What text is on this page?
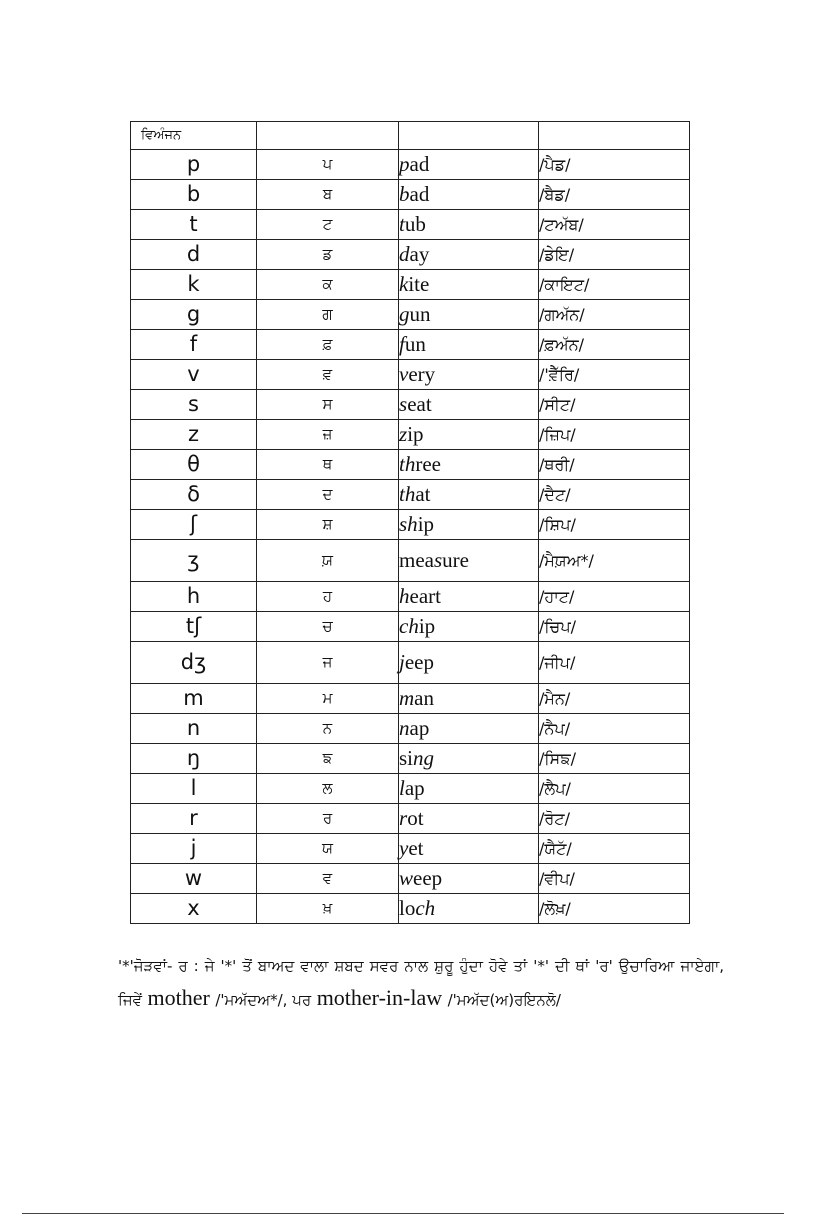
ਵਿਅੰਜਨ			
p	ਪ	pad	/ਪੈਡ/
b	ਬ	bad	/ਬੈਡ/
t	ਟ	tub	/ਟਅੱਬ/
d	ਡ	day	/ਡੇਇ/
k	ਕ	kite	/ਕਾਇਟ/
g	ਗ	gun	/ਗਅੱਨ/
f	ਫ਼	fun	/ਫ਼ਅੱਨ/
v	ਵ਼	very	/'ਵ਼ੈੱਰਿ/
s	ਸ	seat	/ਸੀਟ/
z	ਜ਼	zip	/ਜ਼ਿਪ/
θ	ਥ	three	/ਥਰੀ/
δ	ਦ	that	/ਦੈਟ/
ʃ	ਸ਼	ship	/ਸ਼ਿਪ/
ʒ	ਯ਼	measure	/ਮੈਯ਼ਅ*/
h	ਹ	heart	/ਹਾਟ/
tʃ	ਚ	chip	/ਚਿਪ/
dʒ	ਜ	jeep	/ਜੀਪ/
m	ਮ	man	/ਮੈਨ/
n	ਨ	nap	/ਨੈਪ/
ŋ	ਙ	sing	/ਸਿਙ/
l	ਲ	lap	/ਲੈਪ/
r	ਰ	rot	/ਰੋਟ/
j	ਯ	yet	/ਯੈਟੱ/
w	ਵ	weep	/ਵੀਪ/
x	ਖ਼	loch	/ਲੋਖ਼/
'*'ਜੋੜਵਾਂ- ਰ : ਜੇ '*' ਤੋਂ ਬਾਅਦ ਵਾਲਾ ਸ਼ਬਦ ਸਵਰ ਨਾਲ ਸ਼ੁਰੂ ਹੁੰਦਾ ਹੋਵੇ ਤਾਂ '*' ਦੀ ਥਾਂ 'ਰ' ਉਚਾਰਿਆ ਜਾਏਗਾ, ਜਿਵੇਂ mother /'ਮਅੱਦਅ*/, ਪਰ mother-in-law /'ਮਅੱਦ(ਅ)ਰਇਨਲੋ/
